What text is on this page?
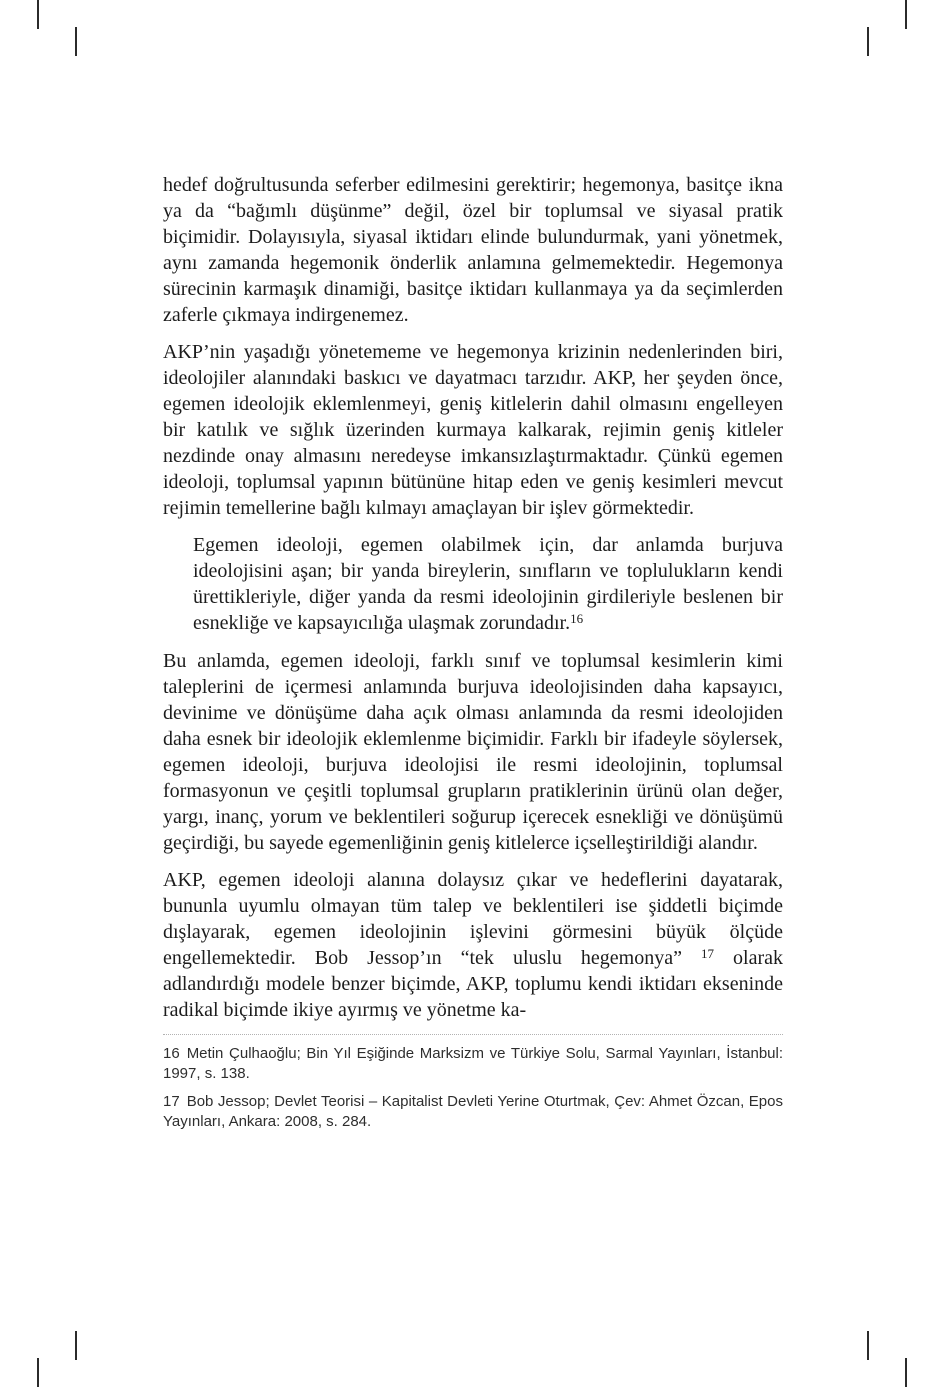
hedef doğrultusunda seferber edilmesini gerektirir; hegemonya, basitçe ikna ya da “bağımlı düşünme” değil, özel bir toplumsal ve siyasal pratik biçimidir. Dolayısıyla, siyasal iktidarı elinde bulundurmak, yani yönetmek, aynı zamanda hegemonik önderlik anlamına gelmemektedir. Hegemonya sürecinin karmaşık dinamiği, basitçe iktidarı kullanmaya ya da seçimlerden zaferle çıkmaya indirgenemez.

AKP’nin yaşadığı yönetememe ve hegemonya krizinin nedenlerinden biri, ideolojiler alanındaki baskıcı ve dayatmacı tarzıdır. AKP, her şeyden önce, egemen ideolojik eklemlenmeyi, geniş kitlelerin dahil olmasını engelleyen bir katılık ve sığlık üzerinden kurmaya kalkarak, rejimin geniş kitleler nezdinde onay almasını neredeyse imkansızlaştırmaktadır. Çünkü egemen ideoloji, toplumsal yapının bütününe hitap eden ve geniş kesimleri mevcut rejimin temellerine bağlı kılmayı amaçlayan bir işlev görmektedir.

Egemen ideoloji, egemen olabilmek için, dar anlamda burjuva ideolojisini aşan; bir yanda bireylerin, sınıfların ve toplulukların kendi ürettikleriyle, diğer yanda da resmi ideolojinin girdileriyle beslenen bir esnekliğe ve kapsayıcılığa ulaşmak zorundadır.$^{16}$

Bu anlamda, egemen ideoloji, farklı sınıf ve toplumsal kesimlerin kimi taleplerini de içermesi anlamında burjuva ideolojisinden daha kapsayıcı, devinime ve dönüşüme daha açık olması anlamında da resmi ideolojiden daha esnek bir ideolojik eklemlenme biçimidir. Farklı bir ifadeyle söylersek, egemen ideoloji, burjuva ideolojisi ile resmi ideolojinin, toplumsal formasyonun ve çeşitli toplumsal grupların pratiklerinin ürünü olan değer, yargı, inanç, yorum ve beklentileri soğurup içerecek esnekliği ve dönüşümü geçirdiği, bu sayede egemenliğinin geniş kitlelerce içselleştirildiği alandır.

AKP, egemen ideoloji alanına dolaysız çıkar ve hedeflerini dayatarak, bununla uyumlu olmayan tüm talep ve beklentileri ise şiddetli biçimde dışlayarak, egemen ideolojinin işlevini görmesini büyük ölçüde engellemektedir. Bob Jessop’ın “tek uluslu hegemonya” $^{17}$ olarak adlandırdığı modele benzer biçimde, AKP, toplumu kendi iktidarı ekseninde radikal biçimde ikiye ayırmış ve yönetme ka-

16 Metin Çulhaoğlu; Bin Yıl Eşiğinde Marksizm ve Türkiye Solu, Sarmal Yayınları, İstanbul: 1997, s. 138.
17 Bob Jessop; Devlet Teorisi – Kapitalist Devleti Yerine Oturtmak, Çev: Ahmet Özcan, Epos Yayınları, Ankara: 2008, s. 284.
